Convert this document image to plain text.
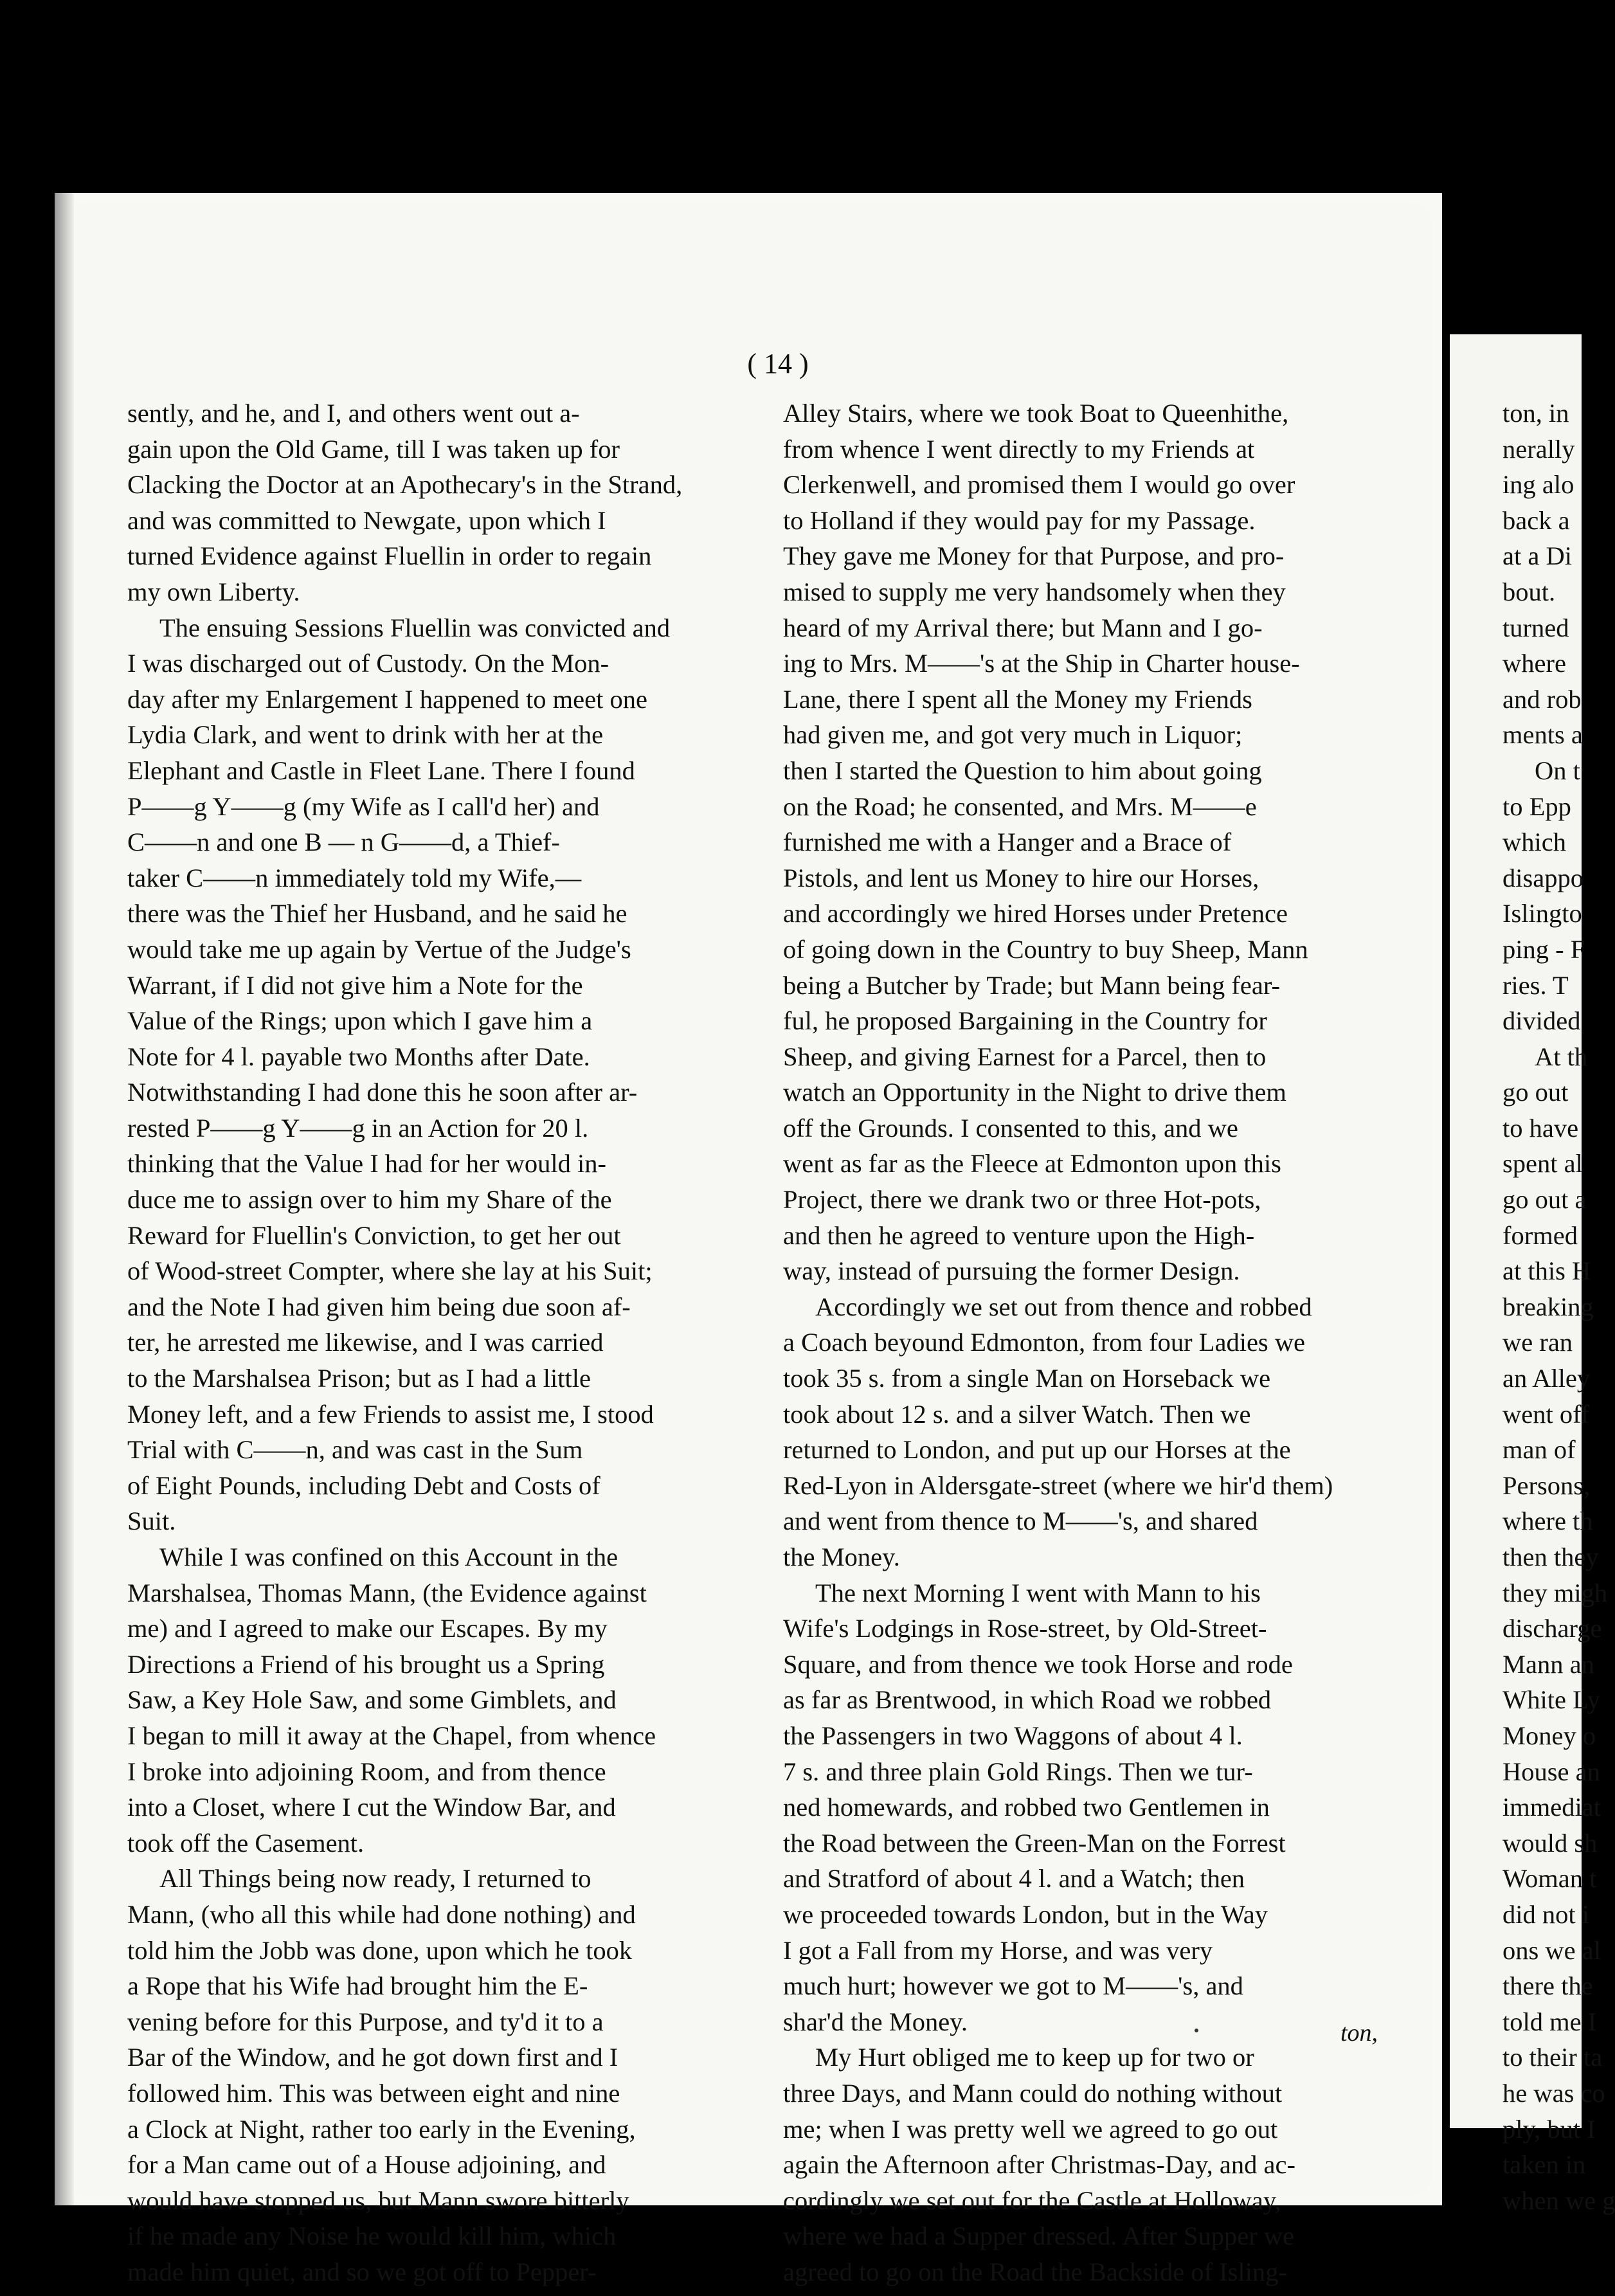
( 14 )
sently, and he, and I, and others went out a-
gain upon the Old Game, till I was taken up for
Clacking the Doctor at an Apothecary's in the Strand,
and was committed to Newgate, upon which I
turned Evidence against Fluellin in order to regain
my own Liberty.
The ensuing Sessions Fluellin was convicted and
I was discharged out of Custody. On the Mon-
day after my Enlargement I happened to meet one
Lydia Clark, and went to drink with her at the
Elephant and Castle in Fleet Lane. There I found
P——g Y——g (my Wife as I call'd her) and
C——n and one B — n G——d, a Thief-
taker C——n immediately told my Wife,—
there was the Thief her Husband, and he said he
would take me up again by Vertue of the Judge's
Warrant, if I did not give him a Note for the
Value of the Rings; upon which I gave him a
Note for 4 l. payable two Months after Date.
Notwithstanding I had done this he soon after ar-
rested P——g Y——g in an Action for 20 l.
thinking that the Value I had for her would in-
duce me to assign over to him my Share of the
Reward for Fluellin's Conviction, to get her out
of Wood-street Compter, where she lay at his Suit;
and the Note I had given him being due soon af-
ter, he arrested me likewise, and I was carried
to the Marshalsea Prison; but as I had a little
Money left, and a few Friends to assist me, I stood
Trial with C——n, and was cast in the Sum
of Eight Pounds, including Debt and Costs of
Suit.
While I was confined on this Account in the
Marshalsea, Thomas Mann, (the Evidence against
me) and I agreed to make our Escapes. By my
Directions a Friend of his brought us a Spring
Saw, a Key Hole Saw, and some Gimblets, and
I began to mill it away at the Chapel, from whence
I broke into adjoining Room, and from thence
into a Closet, where I cut the Window Bar, and
took off the Casement.
All Things being now ready, I returned to
Mann, (who all this while had done nothing) and
told him the Jobb was done, upon which he took
a Rope that his Wife had brought him the E-
vening before for this Purpose, and ty'd it to a
Bar of the Window, and he got down first and I
followed him. This was between eight and nine
a Clock at Night, rather too early in the Evening,
for a Man came out of a House adjoining, and
would have stopped us, but Mann swore bitterly
if he made any Noise he would kill him, which
made him quiet, and so we got off to Pepper-
Alley Stairs, where we took Boat to Queenhithe,
from whence I went directly to my Friends at
Clerkenwell, and promised them I would go over
to Holland if they would pay for my Passage.
They gave me Money for that Purpose, and pro-
mised to supply me very handsomely when they
heard of my Arrival there; but Mann and I go-
ing to Mrs. M——'s at the Ship in Charter house-
Lane, there I spent all the Money my Friends
had given me, and got very much in Liquor;
then I started the Question to him about going
on the Road; he consented, and Mrs. M——e
furnished me with a Hanger and a Brace of
Pistols, and lent us Money to hire our Horses,
and accordingly we hired Horses under Pretence
of going down in the Country to buy Sheep, Mann
being a Butcher by Trade; but Mann being fear-
ful, he proposed Bargaining in the Country for
Sheep, and giving Earnest for a Parcel, then to
watch an Opportunity in the Night to drive them
off the Grounds. I consented to this, and we
went as far as the Fleece at Edmonton upon this
Project, there we drank two or three Hot-pots,
and then he agreed to venture upon the High-
way, instead of pursuing the former Design.
Accordingly we set out from thence and robbed
a Coach beyound Edmonton, from four Ladies we
took 35 s. from a single Man on Horseback we
took about 12 s. and a silver Watch. Then we
returned to London, and put up our Horses at the
Red-Lyon in Aldersgate-street (where we hir'd them)
and went from thence to M——'s, and shared
the Money.
The next Morning I went with Mann to his
Wife's Lodgings in Rose-street, by Old-Street-
Square, and from thence we took Horse and rode
as far as Brentwood, in which Road we robbed
the Passengers in two Waggons of about 4 l.
7 s. and three plain Gold Rings. Then we tur-
ned homewards, and robbed two Gentlemen in
the Road between the Green-Man on the Forrest
and Stratford of about 4 l. and a Watch; then
we proceeded towards London, but in the Way
I got a Fall from my Horse, and was very
much hurt; however we got to M——'s, and
shar'd the Money.
My Hurt obliged me to keep up for two or
three Days, and Mann could do nothing without
me; when I was pretty well we agreed to go out
again the Afternoon after Christmas-Day, and ac-
cordingly we set out for the Castle at Holloway,
where we had a Supper dressed. After Supper we
agreed to go on the Road the Backside of Isling-
ton, in
nerally
ing alo
back a
at a Di
bout.
turned
where
and rob
ments a
On t
to Epp
which
disappo
Islingto
ping - F
ries. T
divided
At th
go out
to have
spent al
go out a
formed
at this H
breaking
we ran
an Alley
went off
man of
Persons,
where th
then they
they migh
discharge
Mann an
White Ly
Money o
House an
immediat
would sh
Woman t
did not i
ons we al
there the
told me I
to their ta
he was co
ply, but I
taken in
when we g
ton,
